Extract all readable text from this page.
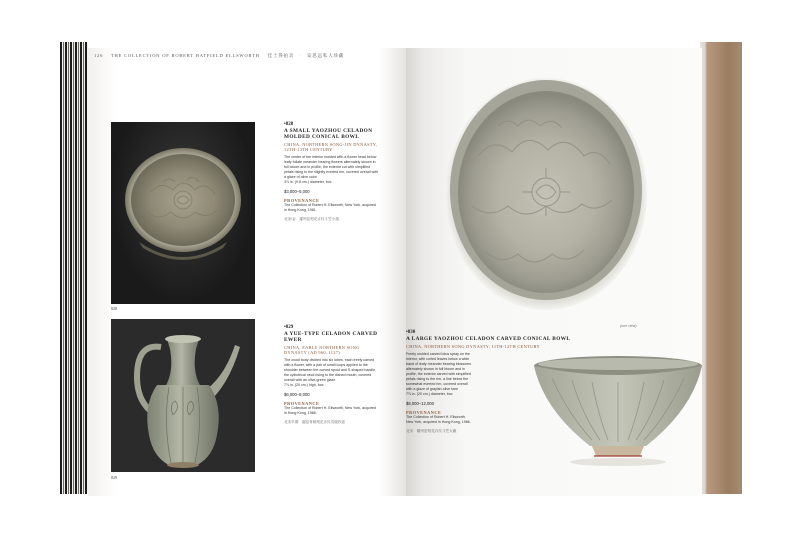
126 THE COLLECTION OF ROBERT HATFIELD ELLSWORTH 佳士得拍卖　·　安思远私人珍藏
828
829
•828
A SMALL YAOZHOU CELADON MOLDED CONICAL BOWL
CHINA, NORTHERN SONG-JIN DYNASTY, 12TH-13TH CENTURY

The center of the interior molded with a flower head below leafy foliate meander bearing flowers alternately shown in full bloom and in profile, the exterior cut with simplified petals rising to the slightly everted rim, covered overall with a glaze of olive color

3⅞ in. (9.8 cm.) diameter, box

$3,000–5,000
PROVENANCE

The Collection of Robert H. Ellsworth, New York, acquired in Hong Kong, 1981.

北宋/金　耀州窑刻花卉纹斗笠小盏

•829
A YUE-TYPE CELADON CARVED EWER
CHINA, EARLY NORTHERN SONG DYNASTY (AD 960–1127)

The ovoid body divided into six lobes, each freely carved with a flower, with a pair of small loops applied to the shoulder between the curved spout and S-shaped handle, the cylindrical neck rising to the dished mouth, covered overall with an olive-green glaze

7⅞ in. (20 cm.) high, box

$6,000–8,000
PROVENANCE

The Collection of Robert H. Ellsworth, New York, acquired in Hong Kong, 1986.

北宋早期　越窑青釉刻花卉纹瓜棱执壶

(one view)
•830
A LARGE YAOZHOU CELADON CARVED CONICAL BOWL
CHINA, NORTHERN SONG DYNASTY, 11TH-12TH CENTURY

Freely molded carved lotus spray on the interior, with curled leaves below a wide band of leafy meander bearing blossoms alternately shown in full bloom and in profile, the exterior carved with simplified petals rising to the rim, a line below the somewhat everted rim, covered overall with a glaze of grayish-olive tone

7⅞ in. (20 cm.) diameter, box

$8,000–12,000
PROVENANCE

The Collection of Robert H. Ellsworth, New York, acquired in Hong Kong, 1986.

北宋　耀州窑刻花卉纹斗笠大碗
